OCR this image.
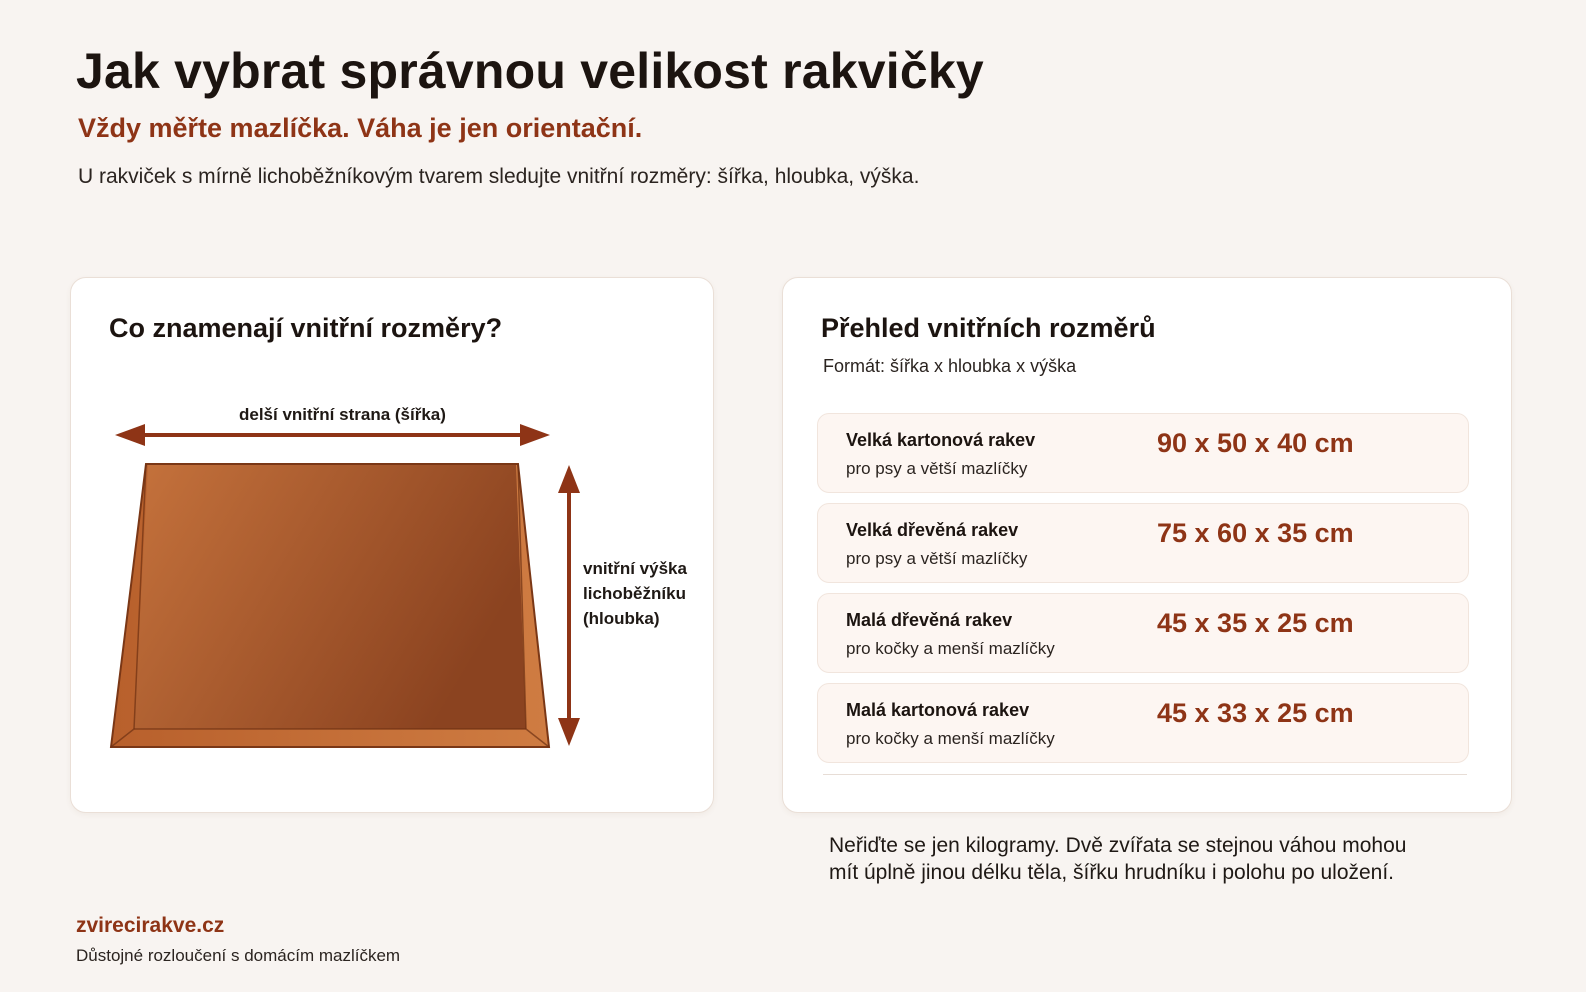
Jak vybrat správnou velikost rakvičky
Vždy měřte mazlíčka. Váha je jen orientační.
U rakviček s mírně lichoběžníkovým tvarem sledujte vnitřní rozměry: šířka, hloubka, výška.
Co znamenají vnitřní rozměry?
delší vnitřní strana (šířka)
vnitřní výška
lichoběžníku
(hloubka)
Přehled vnitřních rozměrů
Formát: šířka x hloubka x výška
Velká kartonová rakev
pro psy a větší mazlíčky
90 x 50 x 40 cm
Velká dřevěná rakev
pro psy a větší mazlíčky
75 x 60 x 35 cm
Malá dřevěná rakev
pro kočky a menší mazlíčky
45 x 35 x 25 cm
Malá kartonová rakev
pro kočky a menší mazlíčky
45 x 33 x 25 cm
Neřiďte se jen kilogramy. Dvě zvířata se stejnou váhou mohou mít úplně jinou délku těla, šířku hrudníku i polohu po uložení.
zvirecirakve.cz
Důstojné rozloučení s domácím mazlíčkem
